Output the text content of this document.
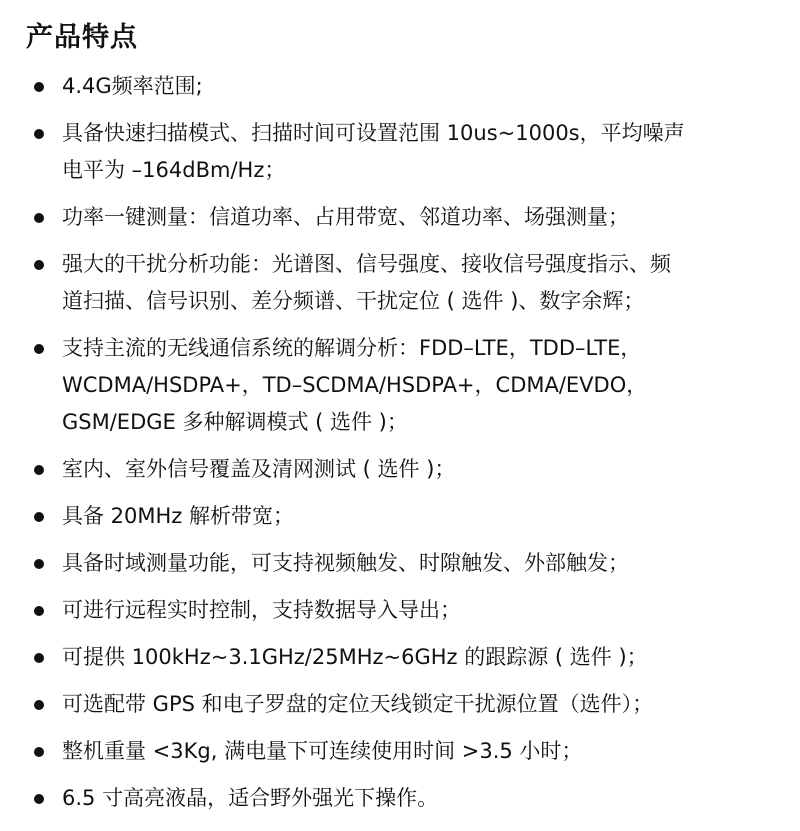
产品特点
4.4G频率范围;
具备快速扫描模式、扫描时间可设置范围 10us~1000s，平均噪声
电平为 –164dBm/Hz；
功率一键测量：信道功率、占用带宽、邻道功率、场强测量；
强大的干扰分析功能：光谱图、信号强度、接收信号强度指示、频
道扫描、信号识别、差分频谱、干扰定位 ( 选件 )、数字余辉；
支持主流的无线通信系统的解调分析：FDD–LTE，TDD–LTE，
WCDMA/HSDPA+，TD–SCDMA/HSDPA+，CDMA/EVDO，
GSM/EDGE 多种解调模式 ( 选件 )；
室内、室外信号覆盖及清网测试 ( 选件 )；
具备 20MHz 解析带宽；
具备时域测量功能，可支持视频触发、时隙触发、外部触发；
可进行远程实时控制，支持数据导入导出；
可提供 100kHz~3.1GHz/25MHz~6GHz 的跟踪源 ( 选件 )；
可选配带 GPS 和电子罗盘的定位天线锁定干扰源位置（选件）；
整机重量 <3Kg, 满电量下可连续使用时间 >3.5 小时；
6.5 寸高亮液晶，适合野外强光下操作。
